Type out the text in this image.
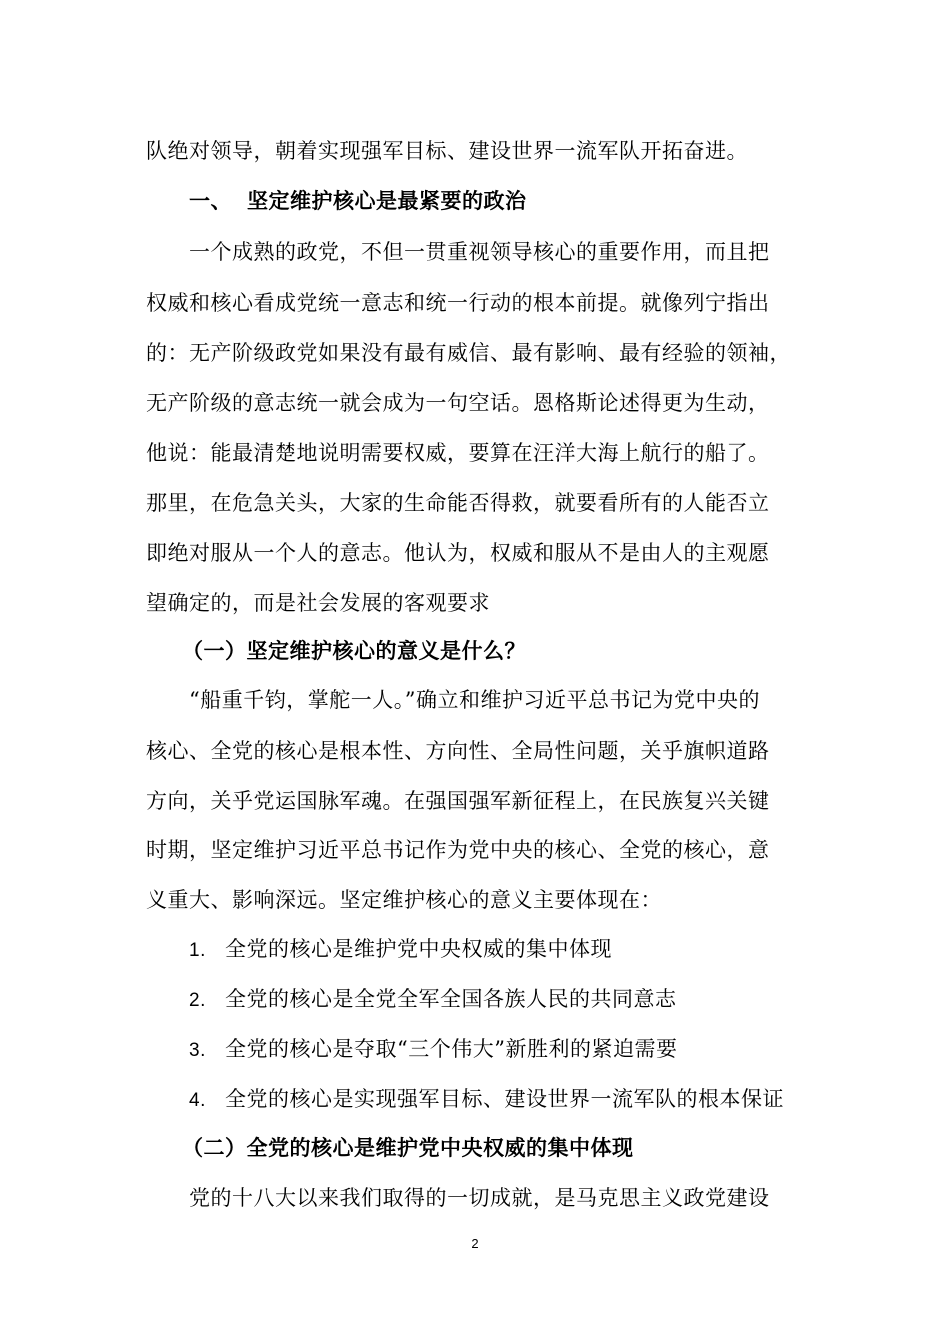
队绝对领导，朝着实现强军目标、建设世界一流军队开拓奋进。
一、 坚定维护核心是最紧要的政治
一个成熟的政党，不但一贯重视领导核心的重要作用，而且把
权威和核心看成党统一意志和统一行动的根本前提。就像列宁指出
的：无产阶级政党如果没有最有威信、最有影响、最有经验的领袖，
无产阶级的意志统一就会成为一句空话。恩格斯论述得更为生动，
他说：能最清楚地说明需要权威，要算在汪洋大海上航行的船了。
那里，在危急关头，大家的生命能否得救，就要看所有的人能否立
即绝对服从一个人的意志。他认为，权威和服从不是由人的主观愿
望确定的，而是社会发展的客观要求
（一）坚定维护核心的意义是什么？
“船重千钧，掌舵一人。”确立和维护习近平总书记为党中央的
核心、全党的核心是根本性、方向性、全局性问题，关乎旗帜道路
方向，关乎党运国脉军魂。在强国强军新征程上，在民族复兴关键
时期，坚定维护习近平总书记作为党中央的核心、全党的核心，意
义重大、影响深远。坚定维护核心的意义主要体现在：
1. 全党的核心是维护党中央权威的集中体现
2. 全党的核心是全党全军全国各族人民的共同意志
3. 全党的核心是夺取“三个伟大”新胜利的紧迫需要
4. 全党的核心是实现强军目标、建设世界一流军队的根本保证
（二）全党的核心是维护党中央权威的集中体现
党的十八大以来我们取得的一切成就，是马克思主义政党建设
2
